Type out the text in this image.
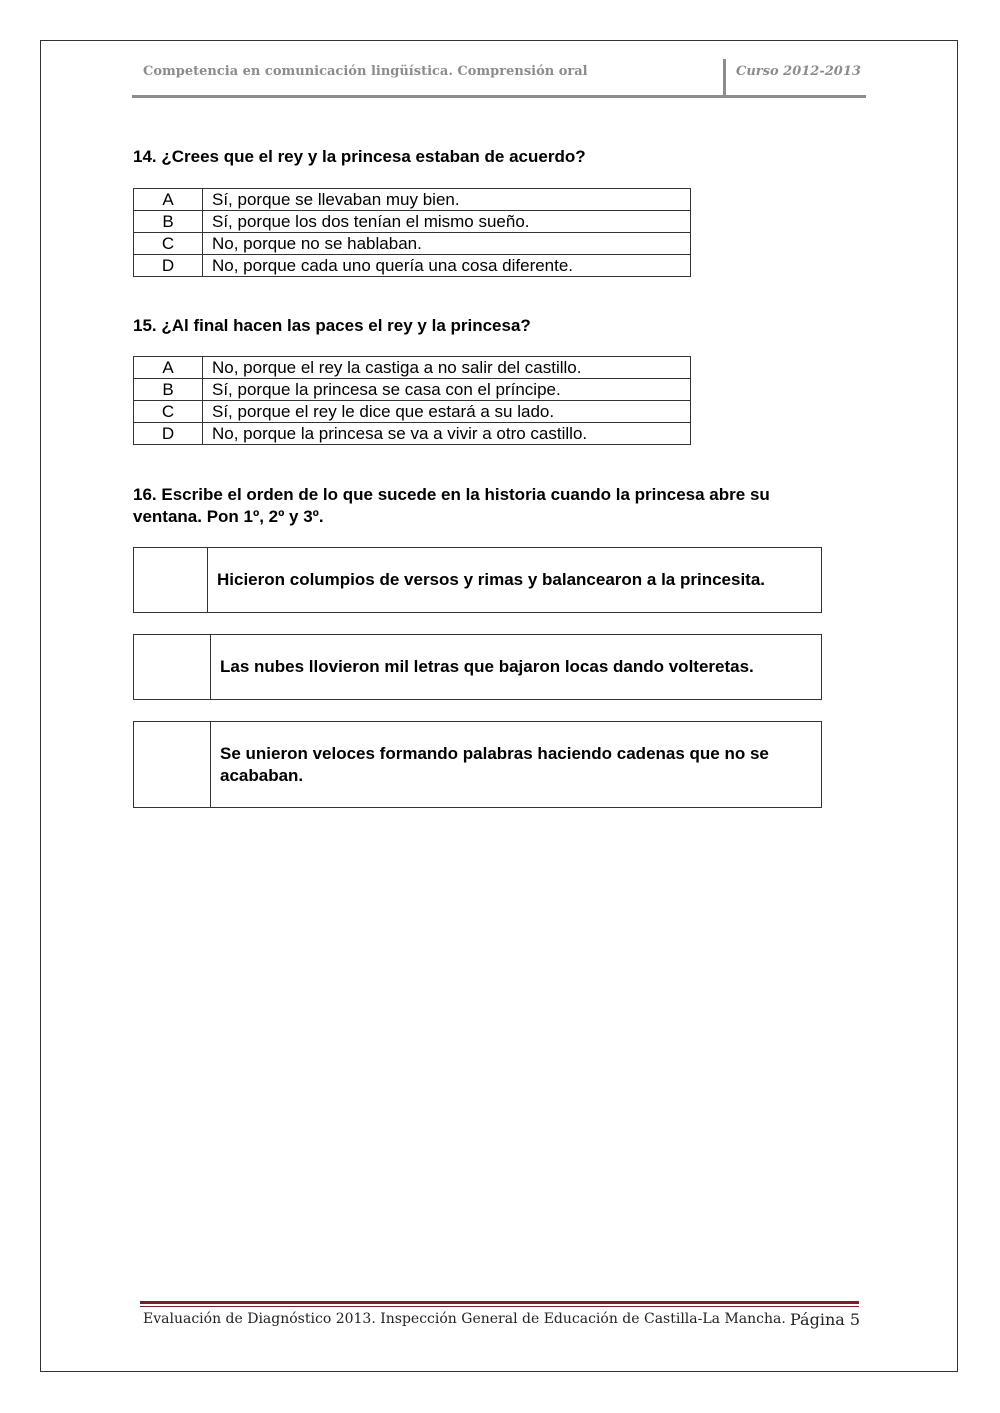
Competencia en comunicación lingüística. Comprensión oral	Curso 2012-2013
14. ¿Crees que el rey y la princesa estaban de acuerdo?
A	Sí, porque se llevaban muy bien.
B	Sí, porque los dos tenían el mismo sueño.
C	No, porque no se hablaban.
D	No, porque cada uno quería una cosa diferente.
15. ¿Al final hacen las paces el rey y la princesa?
A	No, porque el rey la castiga a no salir del castillo.
B	Sí, porque la princesa se casa con el príncipe.
C	Sí, porque el rey le dice que estará a su lado.
D	No, porque la princesa se va a vivir a otro castillo.
16. Escribe el orden de lo que sucede en la historia cuando la princesa abre su
ventana. Pon 1º, 2º y 3º.
Hicieron columpios de versos y rimas y balancearon a la princesita.
Las nubes llovieron mil letras que bajaron locas dando volteretas.
Se unieron veloces formando palabras haciendo cadenas que no se acababan.
Evaluación de Diagnóstico 2013. Inspección General de Educación de Castilla-La Mancha. Página 5
